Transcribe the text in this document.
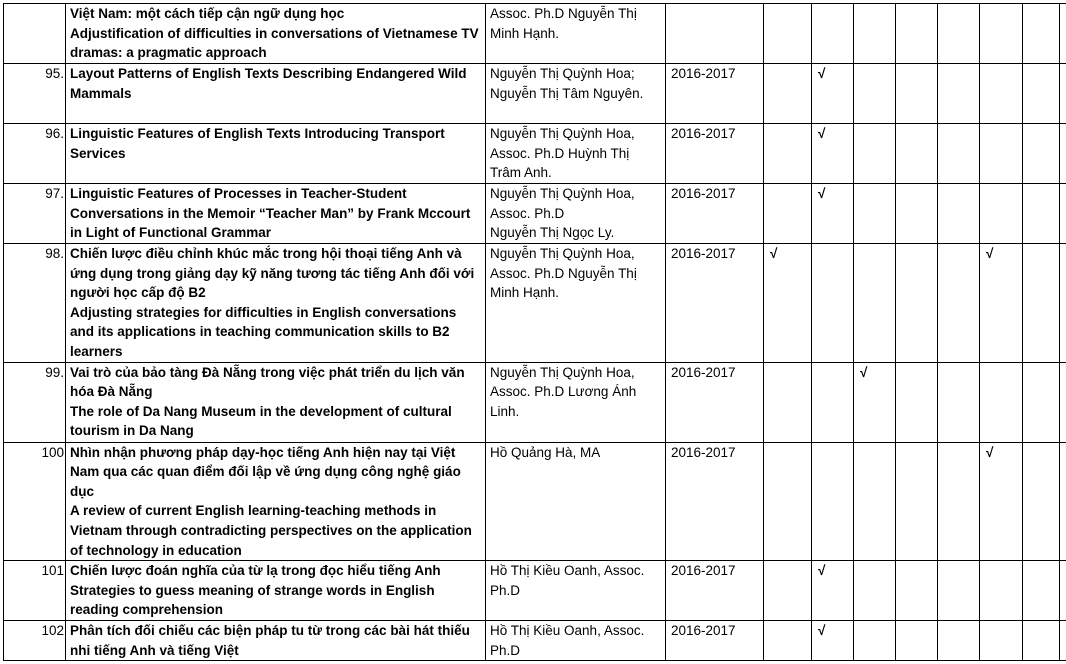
	Việt Nam: một cách tiếp cận ngữ dụng học
Adjustification of difficulties in conversations of Vietnamese TV dramas: a pragmatic approach	Assoc. Ph.D Nguyễn Thị Minh Hạnh.									

95.	Layout Patterns of English Texts Describing Endangered Wild Mammals	Nguyễn Thị Quỳnh Hoa; Nguyễn Thị Tâm Nguyên.	2016-2017		√						
96.	Linguistic Features of English Texts Introducing Transport Services	Nguyễn Thị Quỳnh Hoa, Assoc. Ph.D Huỳnh Thị Trâm Anh.	2016-2017		√						
97.	Linguistic Features of Processes in Teacher-Student Conversations in the Memoir “Teacher Man” by Frank Mccourt in Light of Functional Grammar	Nguyễn Thị Quỳnh Hoa, Assoc. Ph.D
Nguyễn Thị Ngọc Ly.	2016-2017		√						
98.	Chiến lược điều chỉnh khúc mắc trong hội thoại tiếng Anh và ứng dụng trong giảng dạy kỹ năng tương tác tiếng Anh đối với người học cấp độ B2
Adjusting strategies for difficulties in English conversations and its applications in teaching communication skills to B2 learners	Nguyễn Thị Quỳnh Hoa, Assoc. Ph.D Nguyễn Thị Minh Hạnh.	2016-2017	√					√		
99.	Vai trò của bảo tàng Đà Nẵng trong việc phát triển du lịch văn hóa Đà Nẵng
The role of Da Nang Museum in the development of cultural tourism in Da Nang	Nguyễn Thị Quỳnh Hoa, Assoc. Ph.D Lương Ánh Linh.	2016-2017			√					
100	Nhìn nhận phương pháp dạy-học tiếng Anh hiện nay tại Việt Nam qua các quan điểm đối lập về ứng dụng công nghệ giáo dục
A review of current English learning-teaching methods in Vietnam through contradicting perspectives on the application of technology in education	Hồ Quảng Hà, MA	2016-2017						√		
101	Chiến lược đoán nghĩa của từ lạ trong đọc hiểu tiếng Anh
Strategies to guess meaning of strange words in English reading comprehension	Hồ Thị Kiều Oanh, Assoc. Ph.D	2016-2017		√						
102	Phân tích đối chiếu các biện pháp tu từ trong các bài hát thiếu nhi tiếng Anh và tiếng Việt	Hồ Thị Kiều Oanh, Assoc. Ph.D	2016-2017		√						
